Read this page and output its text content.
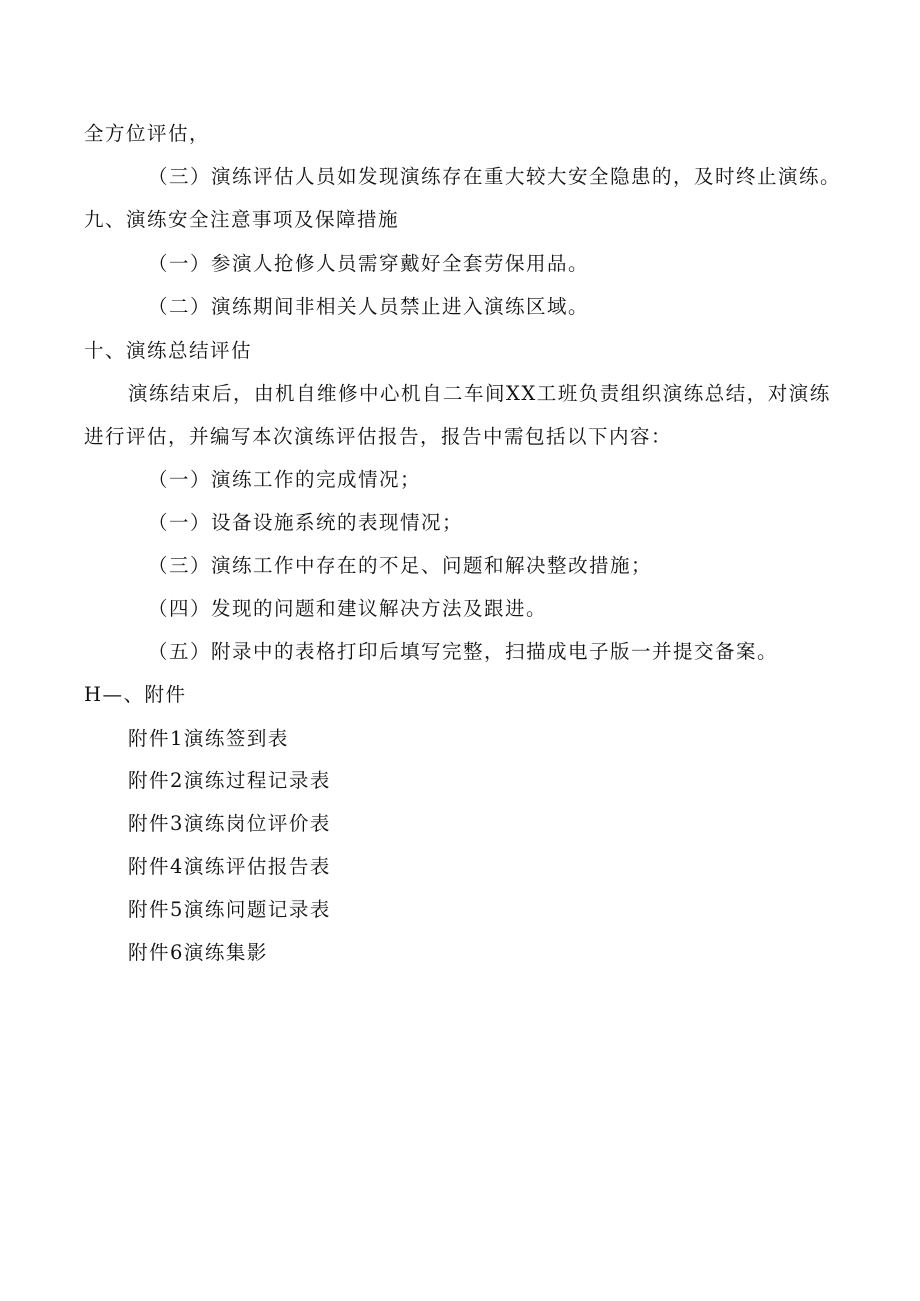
全方位评估，
（三）演练评估人员如发现演练存在重大较大安全隐患的，及时终止演练。
九、演练安全注意事项及保障措施
（一）参演人抢修人员需穿戴好全套劳保用品。
（二）演练期间非相关人员禁止进入演练区域。
十、演练总结评估
演练结束后，由机自维修中心机自二车间XX工班负责组织演练总结，对演练
进行评估，并编写本次演练评估报告，报告中需包括以下内容：
（一）演练工作的完成情况；
（一）设备设施系统的表现情况；
（三）演练工作中存在的不足、问题和解决整改措施；
（四）发现的问题和建议解决方法及跟进。
（五）附录中的表格打印后填写完整，扫描成电子版一并提交备案。
H—、附件
附件1演练签到表
附件2演练过程记录表
附件3演练岗位评价表
附件4演练评估报告表
附件5演练问题记录表
附件6演练集影
